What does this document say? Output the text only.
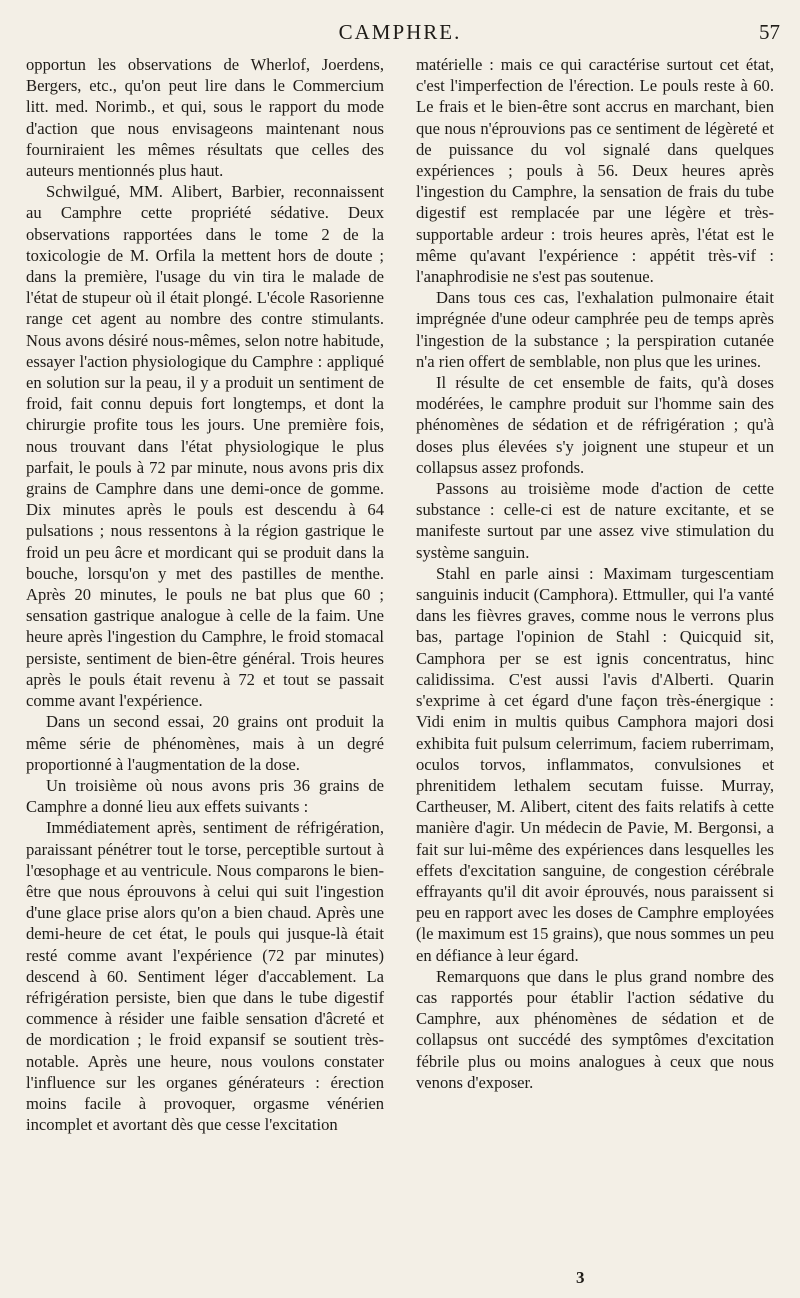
CAMPHRE.	57

opportun les observations de Wherlof, Joerdens, Bergers, etc., qu'on peut lire dans le Commercium litt. med. Norimb., et qui, sous le rapport du mode d'action que nous envisageons maintenant nous fourniraient les mêmes résultats que celles des auteurs mentionnés plus haut.

Schwilgué, MM. Alibert, Barbier, reconnaissent au Camphre cette propriété sédative. Deux observations rapportées dans le tome 2 de la toxicologie de M. Orfila la mettent hors de doute ; dans la première, l'usage du vin tira le malade de l'état de stupeur où il était plongé. L'école Rasorienne range cet agent au nombre des contre stimulants. Nous avons désiré nous-mêmes, selon notre habitude, essayer l'action physiologique du Camphre : appliqué en solution sur la peau, il y a produit un sentiment de froid, fait connu depuis fort longtemps, et dont la chirurgie profite tous les jours. Une première fois, nous trouvant dans l'état physiologique le plus parfait, le pouls à 72 par minute, nous avons pris dix grains de Camphre dans une demi-once de gomme. Dix minutes après le pouls est descendu à 64 pulsations ; nous ressentons à la région gastrique le froid un peu âcre et mordicant qui se produit dans la bouche, lorsqu'on y met des pastilles de menthe. Après 20 minutes, le pouls ne bat plus que 60 ; sensation gastrique analogue à celle de la faim. Une heure après l'ingestion du Camphre, le froid stomacal persiste, sentiment de bien-être général. Trois heures après le pouls était revenu à 72 et tout se passait comme avant l'expérience.

Dans un second essai, 20 grains ont produit la même série de phénomènes, mais à un degré proportionné à l'augmentation de la dose.

Un troisième où nous avons pris 36 grains de Camphre a donné lieu aux effets suivants :

Immédiatement après, sentiment de réfrigération, paraissant pénétrer tout le torse, perceptible surtout à l'œsophage et au ventricule. Nous comparons le bien-être que nous éprouvons à celui qui suit l'ingestion d'une glace prise alors qu'on a bien chaud. Après une demi-heure de cet état, le pouls qui jusque-là était resté comme avant l'expérience (72 par minutes) descend à 60. Sentiment léger d'accablement. La réfrigération persiste, bien que dans le tube digestif commence à résider une faible sensation d'âcreté et de mordication ; le froid expansif se soutient très-notable. Après une heure, nous voulons constater l'influence sur les organes générateurs : érection moins facile à provoquer, orgasme vénérien incomplet et avortant dès que cesse l'excitation

matérielle : mais ce qui caractérise surtout cet état, c'est l'imperfection de l'érection. Le pouls reste à 60. Le frais et le bien-être sont accrus en marchant, bien que nous n'éprouvions pas ce sentiment de légèreté et de puissance du vol signalé dans quelques expériences ; pouls à 56. Deux heures après l'ingestion du Camphre, la sensation de frais du tube digestif est remplacée par une légère et très-supportable ardeur : trois heures après, l'état est le même qu'avant l'expérience : appétit très-vif : l'anaphrodisie ne s'est pas soutenue.

Dans tous ces cas, l'exhalation pulmonaire était imprégnée d'une odeur camphrée peu de temps après l'ingestion de la substance ; la perspiration cutanée n'a rien offert de semblable, non plus que les urines.

Il résulte de cet ensemble de faits, qu'à doses modérées, le camphre produit sur l'homme sain des phénomènes de sédation et de réfrigération ; qu'à doses plus élevées s'y joignent une stupeur et un collapsus assez profonds.

Passons au troisième mode d'action de cette substance : celle-ci est de nature excitante, et se manifeste surtout par une assez vive stimulation du système sanguin.

Stahl en parle ainsi : Maximam turgescentiam sanguinis inducit (Camphora). Ettmuller, qui l'a vanté dans les fièvres graves, comme nous le verrons plus bas, partage l'opinion de Stahl : Quicquid sit, Camphora per se est ignis concentratus, hinc calidissima. C'est aussi l'avis d'Alberti. Quarin s'exprime à cet égard d'une façon très-énergique : Vidi enim in multis quibus Camphora majori dosi exhibita fuit pulsum celerrimum, faciem ruberrimam, oculos torvos, inflammatos, convulsiones et phrenitidem lethalem secutam fuisse. Murray, Cartheuser, M. Alibert, citent des faits relatifs à cette manière d'agir. Un médecin de Pavie, M. Bergonsi, a fait sur lui-même des expériences dans lesquelles les effets d'excitation sanguine, de congestion cérébrale effrayants qu'il dit avoir éprouvés, nous paraissent si peu en rapport avec les doses de Camphre employées (le maximum est 15 grains), que nous sommes un peu en défiance à leur égard.

Remarquons que dans le plus grand nombre des cas rapportés pour établir l'action sédative du Camphre, aux phénomènes de sédation et de collapsus ont succédé des symptômes d'excitation fébrile plus ou moins analogues à ceux que nous venons d'exposer.

3
